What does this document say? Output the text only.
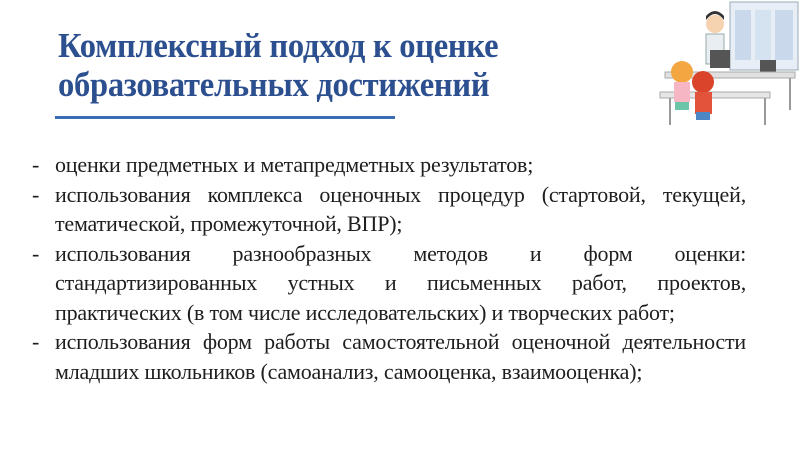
Комплексный подход к оценке
образовательных достижений
- оценки предметных и метапредметных результатов;
- использования комплекса оценочных процедур (стартовой, текущей, тематической, промежуточной, ВПР);
- использования разнообразных методов и форм оценки: стандартизированных устных и письменных работ, проектов, практических (в том числе исследовательских) и творческих работ;
- использования форм работы самостоятельной оценочной деятельности младших школьников (самоанализ, самооценка, взаимооценка);
